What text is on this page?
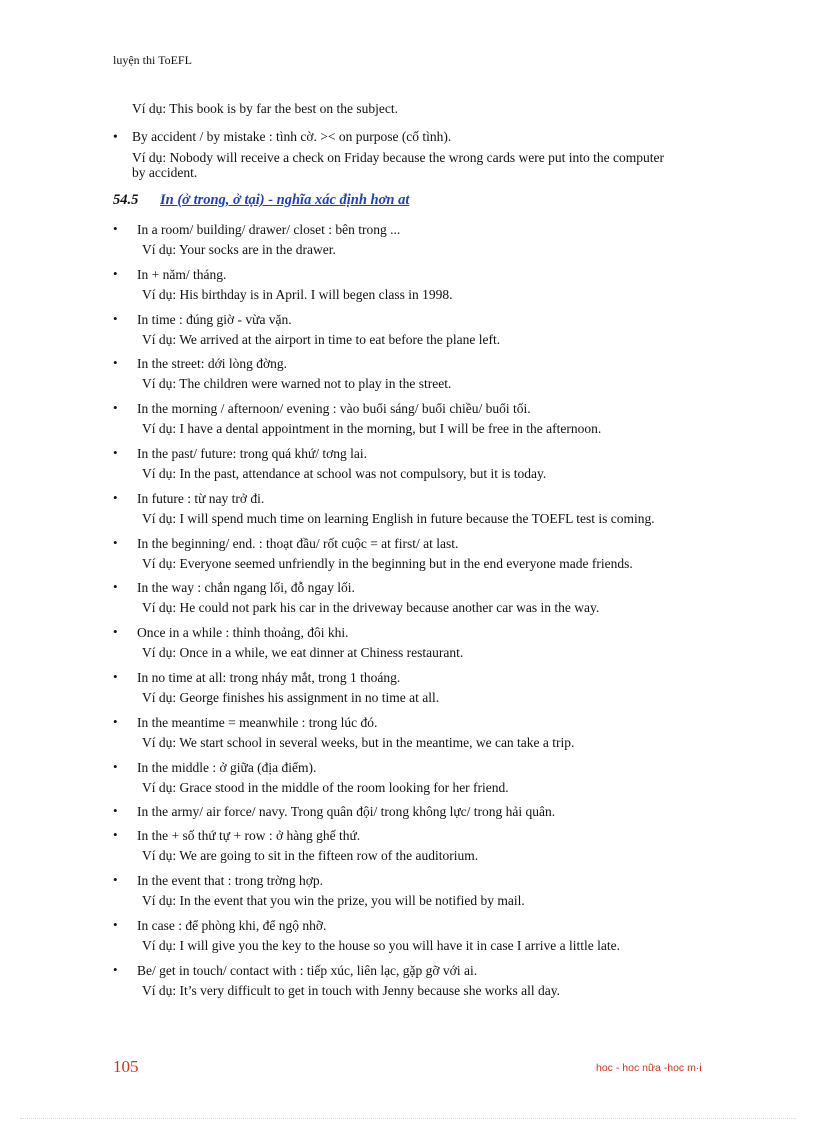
luyện thi ToEFL
Ví dụ: This book is by far the best on the subject.
• By accident / by mistake : tình cờ. >< on purpose (cố tình).
Ví dụ: Nobody will receive a check on Friday because the wrong cards were put into the computer
by accident.
54.5 In (ở trong, ở tại) - nghĩa xác định hơn at
• In a room/ building/ drawer/ closet : bên trong ...
Ví dụ: Your socks are in the drawer.
• In + năm/ tháng.
Ví dụ: His birthday is in April. I will begen class in 1998.
• In time : đúng giờ - vừa vặn.
Ví dụ: We arrived at the airport in time to eat before the plane left.
• In the street: dới lòng đờng.
Ví dụ: The children were warned not to play in the street.
• In the morning / afternoon/ evening : vào buổi sáng/ buổi chiều/ buổi tối.
Ví dụ: I have a dental appointment in the morning, but I will be free in the afternoon.
• In the past/ future: trong quá khứ/ tơng lai.
Ví dụ: In the past, attendance at school was not compulsory, but it is today.
• In future : từ nay trở đi.
Ví dụ: I will spend much time on learning English in future because the TOEFL test is coming.
• In the beginning/ end. : thoạt đầu/ rốt cuộc = at first/ at last.
Ví dụ: Everyone seemed unfriendly in the beginning but in the end everyone made friends.
• In the way : chắn ngang lối, đỗ ngay lối.
Ví dụ: He could not park his car in the driveway because another car was in the way.
• Once in a while : thỉnh thoảng, đôi khi.
Ví dụ: Once in a while, we eat dinner at Chiness restaurant.
• In no time at all: trong nháy mắt, trong 1 thoáng.
Ví dụ: George finishes his assignment in no time at all.
• In the meantime = meanwhile : trong lúc đó.
Ví dụ: We start school in several weeks, but in the meantime, we can take a trip.
• In the middle : ở giữa (địa điểm).
Ví dụ: Grace stood in the middle of the room looking for her friend.
• In the army/ air force/ navy. Trong quân đội/ trong không lực/ trong hải quân.
• In the + số thứ tự + row : ở hàng ghế thứ.
Ví dụ: We are going to sit in the fifteen row of the auditorium.
• In the event that : trong trờng hợp.
Ví dụ: In the event that you win the prize, you will be notified by mail.
• In case : để phòng khi, để ngộ nhỡ.
Ví dụ: I will give you the key to the house so you will have it in case I arrive a little late.
• Be/ get in touch/ contact with : tiếp xúc, liên lạc, gặp gỡ với ai.
Ví dụ: It’s very difficult to get in touch with Jenny because she works all day.
105	hoc - hoc nữa -hoc m·i
